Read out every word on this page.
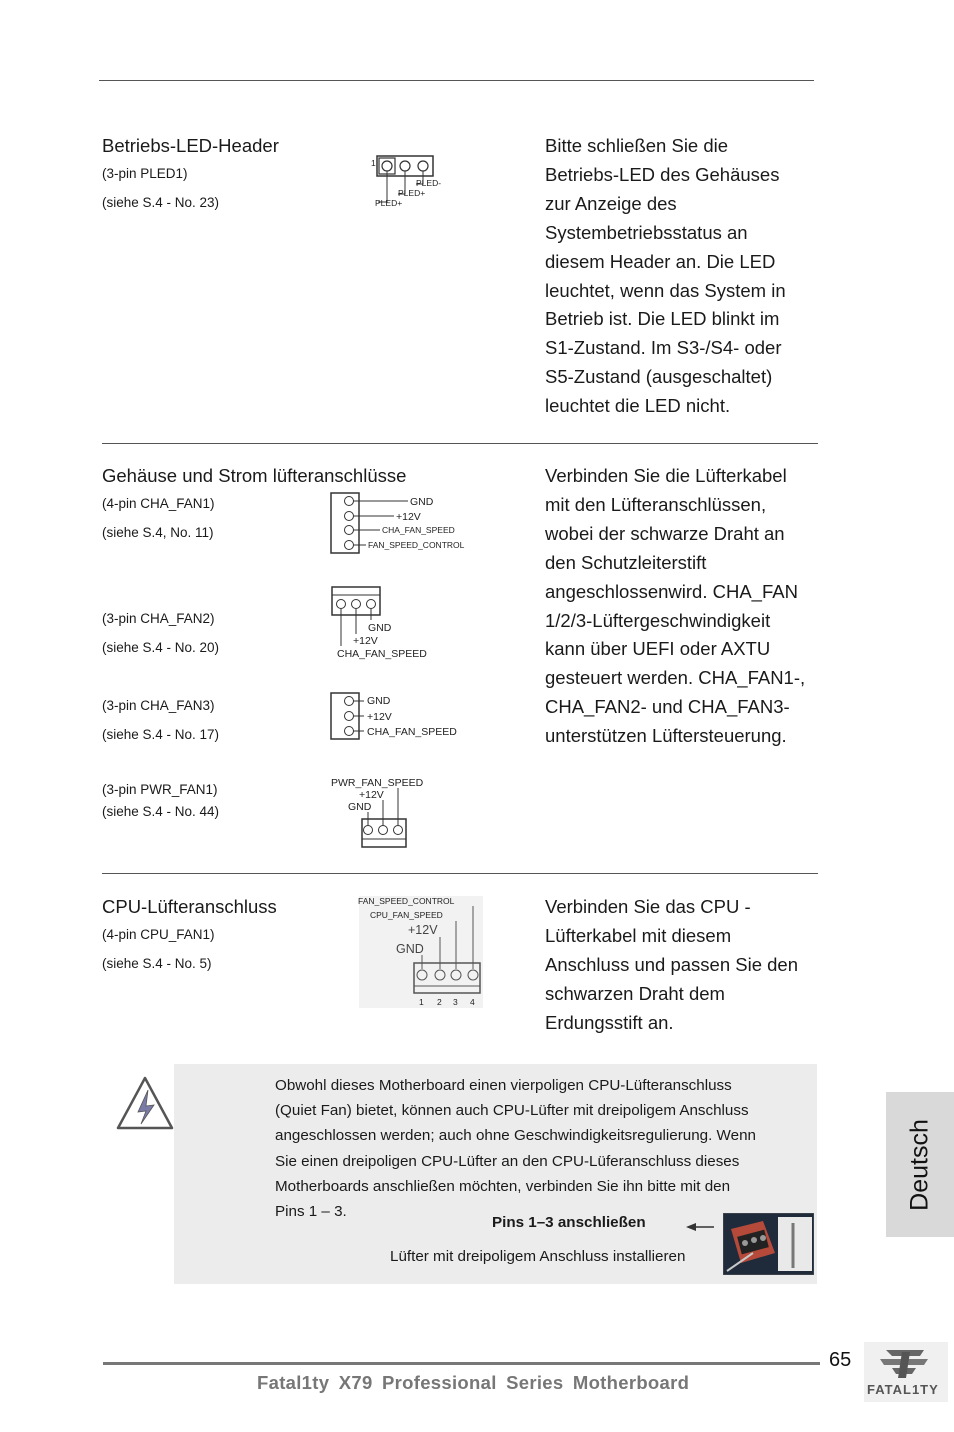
Betriebs-LED-Header
(3-pin PLED1)
(siehe S.4 - No. 23)
1
PLED-
PLED+
PLED+
Bitte schließen Sie die
Betriebs-LED des Gehäuses
zur Anzeige des
Systembetriebsstatus an
diesem Header an. Die LED
leuchtet, wenn das System in
Betrieb ist. Die LED blinkt im
S1-Zustand. Im S3-/S4- oder
S5-Zustand (ausgeschaltet)
leuchtet die LED nicht.
Gehäuse und Strom lüfteranschlüsse
(4-pin CHA_FAN1)
(siehe S.4, No. 11)
GND
+12V
CHA_FAN_SPEED
FAN_SPEED_CONTROL
(3-pin CHA_FAN2)
(siehe S.4 - No. 20)
GND
+12V
CHA_FAN_SPEED
(3-pin CHA_FAN3)
(siehe S.4 - No. 17)
GND
+12V
CHA_FAN_SPEED
(3-pin PWR_FAN1)
(siehe S.4 - No. 44)
PWR_FAN_SPEED
+12V
GND
Verbinden Sie die Lüfterkabel
mit den Lüfteranschlüssen,
wobei der schwarze Draht an
den Schutzleiterstift
angeschlossenwird. CHA_FAN
1/2/3-Lüftergeschwindigkeit
kann über UEFI oder AXTU
gesteuert werden. CHA_FAN1-,
CHA_FAN2- und CHA_FAN3-
unterstützen Lüftersteuerung.
CPU-Lüfteranschluss
(4-pin CPU_FAN1)
(siehe S.4 - No. 5)
FAN_SPEED_CONTROL
CPU_FAN_SPEED
+12V
GND
1 2 3 4
Verbinden Sie das CPU -
Lüfterkabel mit diesem
Anschluss und passen Sie den
schwarzen Draht dem
Erdungsstift an.
Obwohl dieses Motherboard einen vierpoligen CPU-Lüfteranschluss
(Quiet Fan) bietet, können auch CPU-Lüfter mit dreipoligem Anschluss
angeschlossen werden; auch ohne Geschwindigkeitsregulierung. Wenn
Sie einen dreipoligen CPU-Lüfter an den CPU-Lüferanschluss dieses
Motherboards anschließen möchten, verbinden Sie ihn bitte mit den
Pins 1 – 3.
Pins 1–3 anschließen
Lüfter mit dreipoligem Anschluss installieren
Deutsch
65
Fatal1ty X79 Professional Series Motherboard	FATAL1TY
